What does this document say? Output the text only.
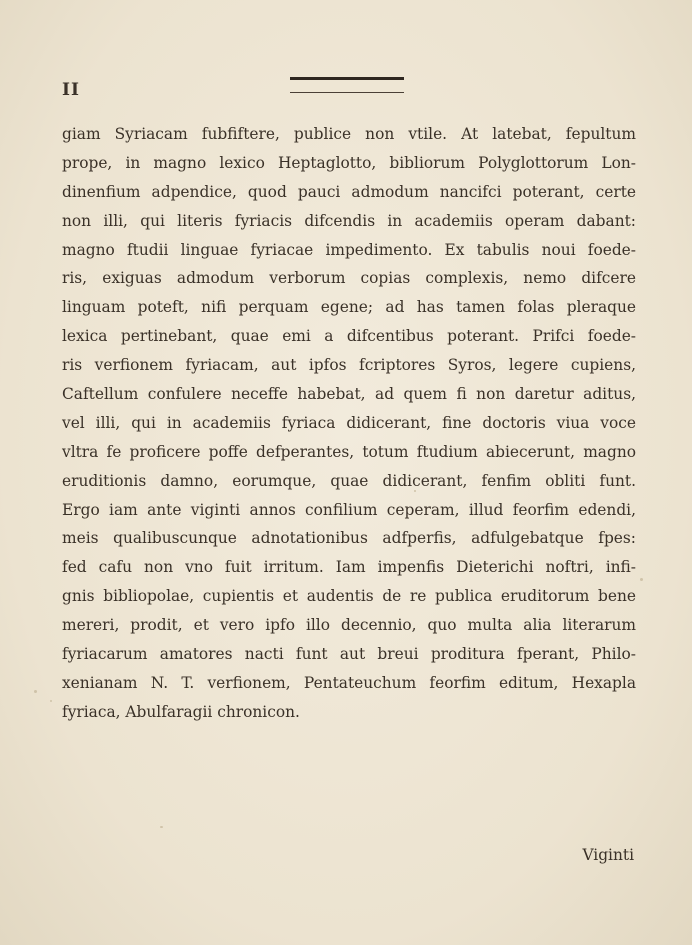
II
giam Syriacam fubfiftere, publice non vtile. At latebat, fepultum
prope, in magno lexico Heptaglotto, bibliorum Polyglottorum Lon-
dinenfium adpendice, quod pauci admodum nancifci poterant, certe
non illi, qui literis fyriacis difcendis in academiis operam dabant:
magno ftudii linguae fyriacae impedimento. Ex tabulis noui foede-
ris, exiguas admodum verborum copias complexis, nemo difcere
linguam poteft, nifi perquam egene; ad has tamen folas pleraque
lexica pertinebant, quae emi a difcentibus poterant. Prifci foede-
ris verfionem fyriacam, aut ipfos fcriptores Syros, legere cupiens,
Caftellum confulere neceffe habebat, ad quem fi non daretur aditus,
vel illi, qui in academiis fyriaca didicerant, fine doctoris viua voce
vltra fe proficere poffe defperantes, totum ftudium abiecerunt, magno
eruditionis damno, eorumque, quae didicerant, fenfim obliti funt.
Ergo iam ante viginti annos confilium ceperam, illud feorfim edendi,
meis qualibuscunque adnotationibus adfperfis, adfulgebatque fpes:
fed cafu non vno fuit irritum. Iam impenfis Dieterichi noftri, infi-
gnis bibliopolae, cupientis et audentis de re publica eruditorum bene
mereri, prodit, et vero ipfo illo decennio, quo multa alia literarum
fyriacarum amatores nacti funt aut breui proditura fperant, Philo-
xenianam N. T. verfionem, Pentateuchum feorfim editum, Hexapla
fyriaca, Abulfaragii chronicon.
Viginti
